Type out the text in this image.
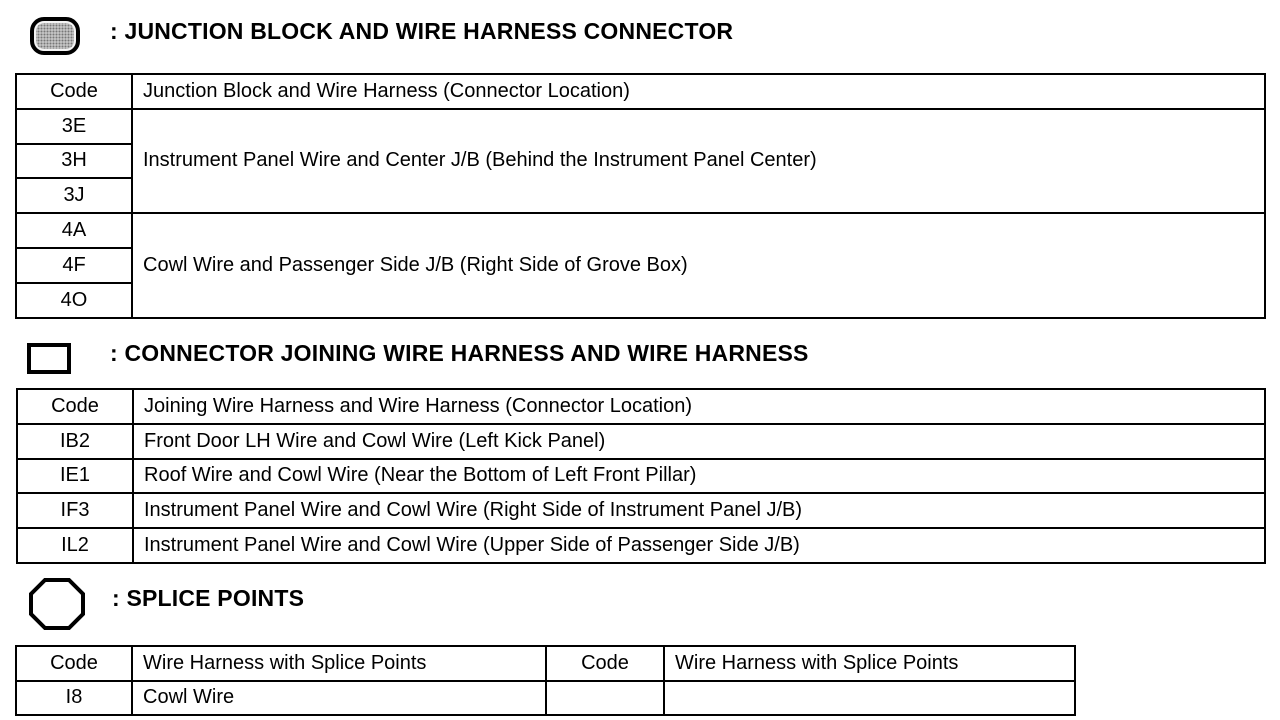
: JUNCTION BLOCK AND WIRE HARNESS CONNECTOR
Code	Junction Block and Wire Harness (Connector Location)
3E	Instrument Panel Wire and Center J/B (Behind the Instrument Panel Center)
3H	
3J	
4A	Cowl Wire and Passenger Side J/B (Right Side of Grove Box)
4F	
4O	
: CONNECTOR JOINING WIRE HARNESS AND WIRE HARNESS
Code	Joining Wire Harness and Wire Harness (Connector Location)
IB2	Front Door LH Wire and Cowl Wire (Left Kick Panel)
IE1	Roof Wire and Cowl Wire (Near the Bottom of Left Front Pillar)
IF3	Instrument Panel Wire and Cowl Wire (Right Side of Instrument Panel J/B)
IL2	Instrument Panel Wire and Cowl Wire (Upper Side of Passenger Side J/B)
: SPLICE POINTS
Code	Wire Harness with Splice Points	Code	Wire Harness with Splice Points
I8	Cowl Wire		
